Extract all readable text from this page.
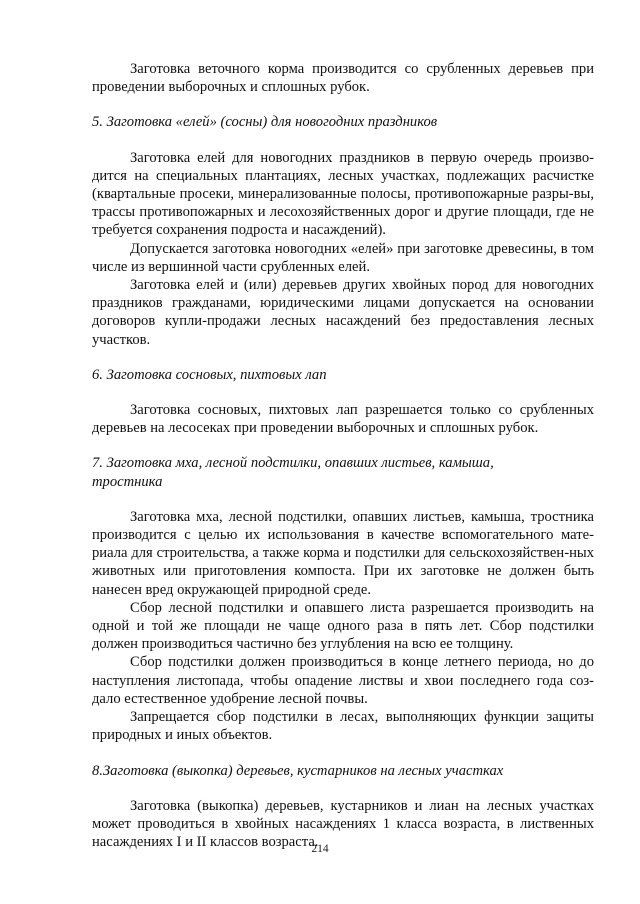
Заготовка веточного корма производится со срубленных деревьев при проведении выборочных и сплошных рубок.

5. Заготовка «елей» (сосны) для новогодних праздников

Заготовка елей для новогодних праздников в первую очередь произво-дится на специальных плантациях, лесных участках, подлежащих расчистке (квартальные просеки, минерализованные полосы, противопожарные разры-вы, трассы противопожарных и лесохозяйственных дорог и другие площади, где не требуется сохранения подроста и насаждений).

Допускается заготовка новогодних «елей» при заготовке древесины, в том числе из вершинной части срубленных елей.

Заготовка елей и (или) деревьев других хвойных пород для новогодних праздников гражданами, юридическими лицами допускается на основании договоров купли-продажи лесных насаждений без предоставления лесных участков.

6. Заготовка сосновых, пихтовых лап

Заготовка сосновых, пихтовых лап разрешается только со срубленных деревьев на лесосеках при проведении выборочных и сплошных рубок.

7. Заготовка мха, лесной подстилки, опавших листьев, камыша, тростника

Заготовка мха, лесной подстилки, опавших листьев, камыша, тростника производится с целью их использования в качестве вспомогательного мате-риала для строительства, а также корма и подстилки для сельскохозяйствен-ных животных или приготовления компоста. При их заготовке не должен быть нанесен вред окружающей природной среде.

Сбор лесной подстилки и опавшего листа разрешается производить на одной и той же площади не чаще одного раза в пять лет. Сбор подстилки должен производиться частично без углубления на всю ее толщину.

Сбор подстилки должен производиться в конце летнего периода, но до наступления листопада, чтобы опадение листвы и хвои последнего года соз-дало естественное удобрение лесной почвы.

Запрещается сбор подстилки в лесах, выполняющих функции защиты природных и иных объектов.

8.Заготовка (выкопка) деревьев, кустарников на лесных участках

Заготовка (выкопка) деревьев, кустарников и лиан на лесных участках может проводиться в хвойных насаждениях 1 класса возраста, в лиственных насаждениях I и II классов возраста.

214
